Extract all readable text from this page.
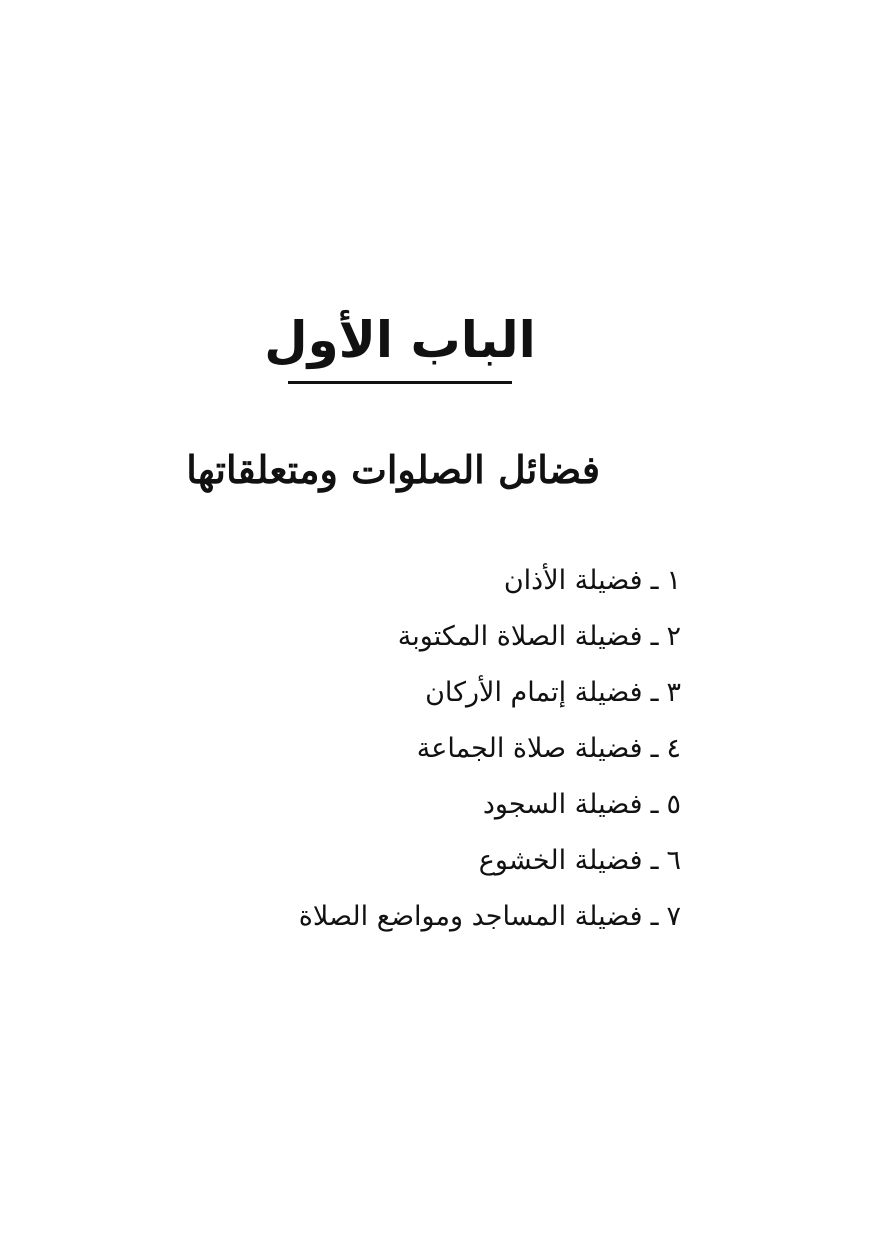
الباب الأول
فضائل الصلوات ومتعلقاتها
١ـفضيلة الأذان
٢ـفضيلة الصلاة المكتوبة
٣ـفضيلة إتمام الأركان
٤ـفضيلة صلاة الجماعة
٥ـفضيلة السجود
٦ـفضيلة الخشوع
٧ـفضيلة المساجد ومواضع الصلاة
